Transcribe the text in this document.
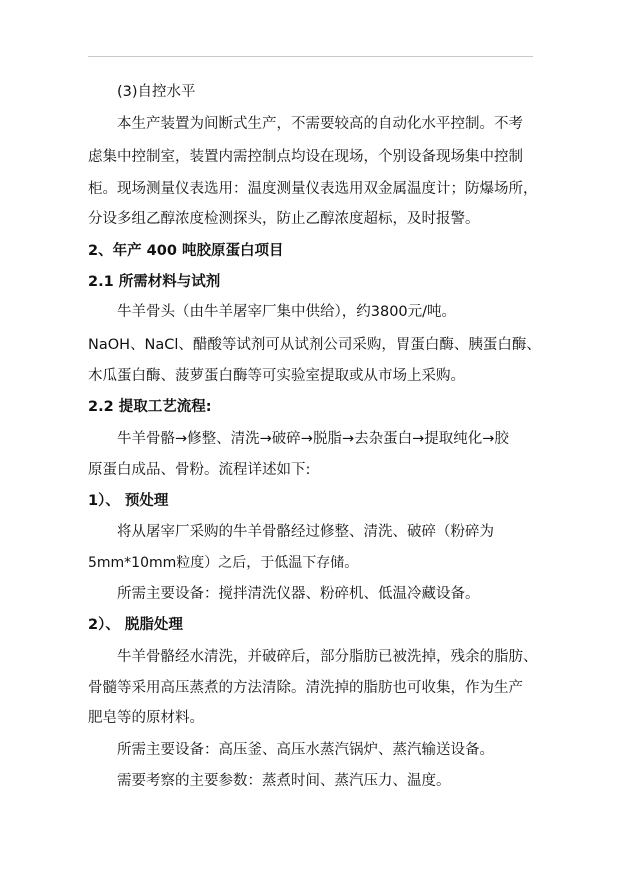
(3)自控水平
本生产装置为间断式生产，不需要较高的自动化水平控制。不考
虑集中控制室，装置内需控制点均设在现场，个别设备现场集中控制
柜。现场测量仪表选用：温度测量仪表选用双金属温度计；防爆场所，
分设多组乙醇浓度检测探头，防止乙醇浓度超标，及时报警。
2、年产 400 吨胶原蛋白项目
2.1 所需材料与试剂
牛羊骨头（由牛羊屠宰厂集中供给），约3800元/吨。
NaOH、NaCl、醋酸等试剂可从试剂公司采购，胃蛋白酶、胰蛋白酶、
木瓜蛋白酶、菠萝蛋白酶等可实验室提取或从市场上采购。
2.2 提取工艺流程:
牛羊骨骼→修整、清洗→破碎→脱脂→去杂蛋白→提取纯化→胶
原蛋白成品、骨粉。流程详述如下:
1）、 预处理
将从屠宰厂采购的牛羊骨骼经过修整、清洗、破碎（粉碎为
5mm*10mm粒度）之后，于低温下存储。
所需主要设备：搅拌清洗仪器、粉碎机、低温冷藏设备。
2）、 脱脂处理
牛羊骨骼经水清洗，并破碎后，部分脂肪已被洗掉，残余的脂肪、
骨髓等采用高压蒸煮的方法清除。清洗掉的脂肪也可收集，作为生产
肥皂等的原材料。
所需主要设备：高压釜、高压水蒸汽锅炉、蒸汽输送设备。
需要考察的主要参数：蒸煮时间、蒸汽压力、温度。
